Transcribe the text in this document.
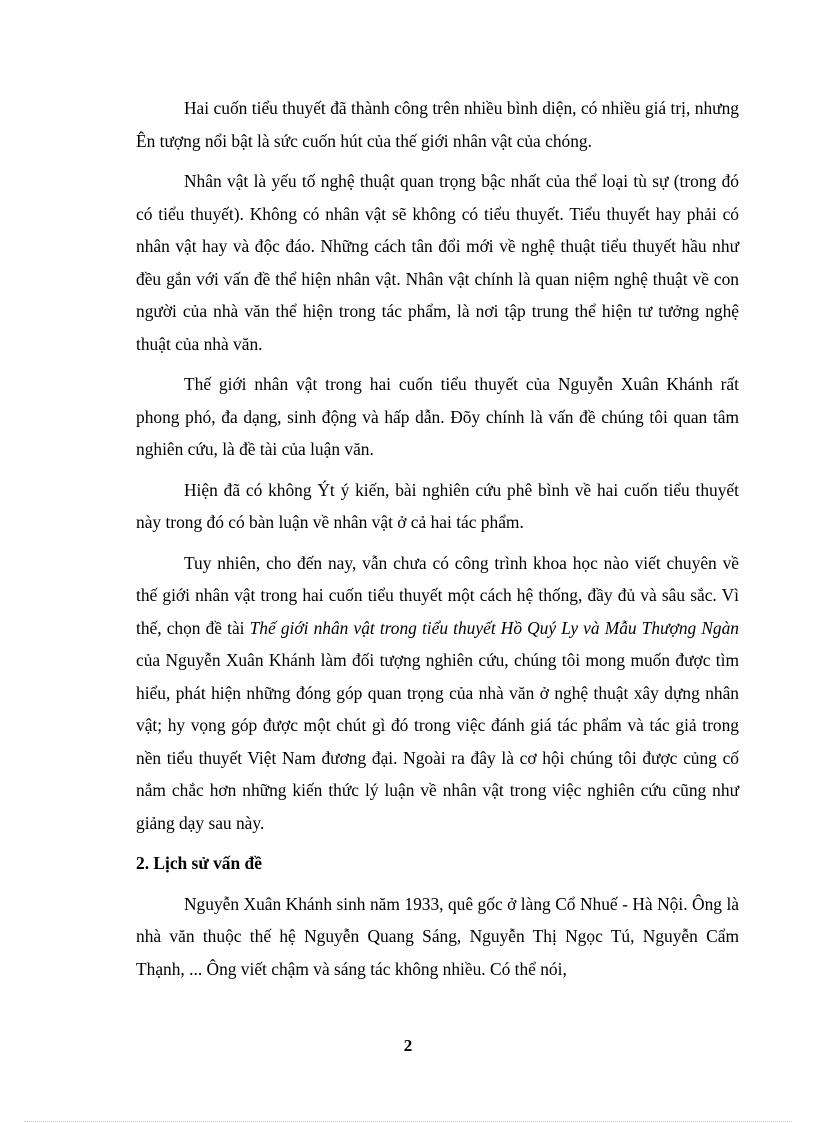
Hai cuốn tiểu thuyết đã thành công trên nhiều bình diện, có nhiều giá trị, nhưng Ên tượng nổi bật là sức cuốn hút của thế giới nhân vật của chóng.

Nhân vật là yếu tố nghệ thuật quan trọng bậc nhất của thể loại tù sự (trong đó có tiểu thuyết). Không có nhân vật sẽ không có tiểu thuyết. Tiểu thuyết hay phải có nhân vật hay và độc đáo. Những cách tân đổi mới về nghệ thuật tiểu thuyết hầu như đều gắn với vấn đề thể hiện nhân vật. Nhân vật chính là quan niệm nghệ thuật về con người của nhà văn thể hiện trong tác phẩm, là nơi tập trung thể hiện tư tưởng nghệ thuật của nhà văn.

Thế giới nhân vật trong hai cuốn tiểu thuyết của Nguyễn Xuân Khánh rất phong phó, đa dạng, sinh động và hấp dẫn. Đõy chính là vấn đề chúng tôi quan tâm nghiên cứu, là đề tài của luận văn.

Hiện đã có không Ýt ý kiến, bài nghiên cứu phê bình về hai cuốn tiểu thuyết này trong đó có bàn luận về nhân vật ở cả hai tác phẩm.

Tuy nhiên, cho đến nay, vẫn chưa có công trình khoa học nào viết chuyên về thế giới nhân vật trong hai cuốn tiểu thuyết một cách hệ thống, đầy đủ và sâu sắc. Vì thế, chọn đề tài Thế giới nhân vật trong tiểu thuyết Hồ Quý Ly và Mẫu Thượng Ngàn của Nguyễn Xuân Khánh làm đối tượng nghiên cứu, chúng tôi mong muốn được tìm hiểu, phát hiện những đóng góp quan trọng của nhà văn ở nghệ thuật xây dựng nhân vật; hy vọng góp được một chút gì đó trong việc đánh giá tác phẩm và tác giả trong nền tiểu thuyết Việt Nam đương đại. Ngoài ra đây là cơ hội chúng tôi được củng cố nắm chắc hơn những kiến thức lý luận về nhân vật trong việc nghiên cứu cũng như giảng dạy sau này.

2. Lịch sử vấn đề

Nguyễn Xuân Khánh sinh năm 1933, quê gốc ở làng Cổ Nhuế - Hà Nội. Ông là nhà văn thuộc thế hệ Nguyễn Quang Sáng, Nguyễn Thị Ngọc Tú, Nguyễn Cẩm Thạnh, ... Ông viết chậm và sáng tác không nhiều. Có thể nói,

2
